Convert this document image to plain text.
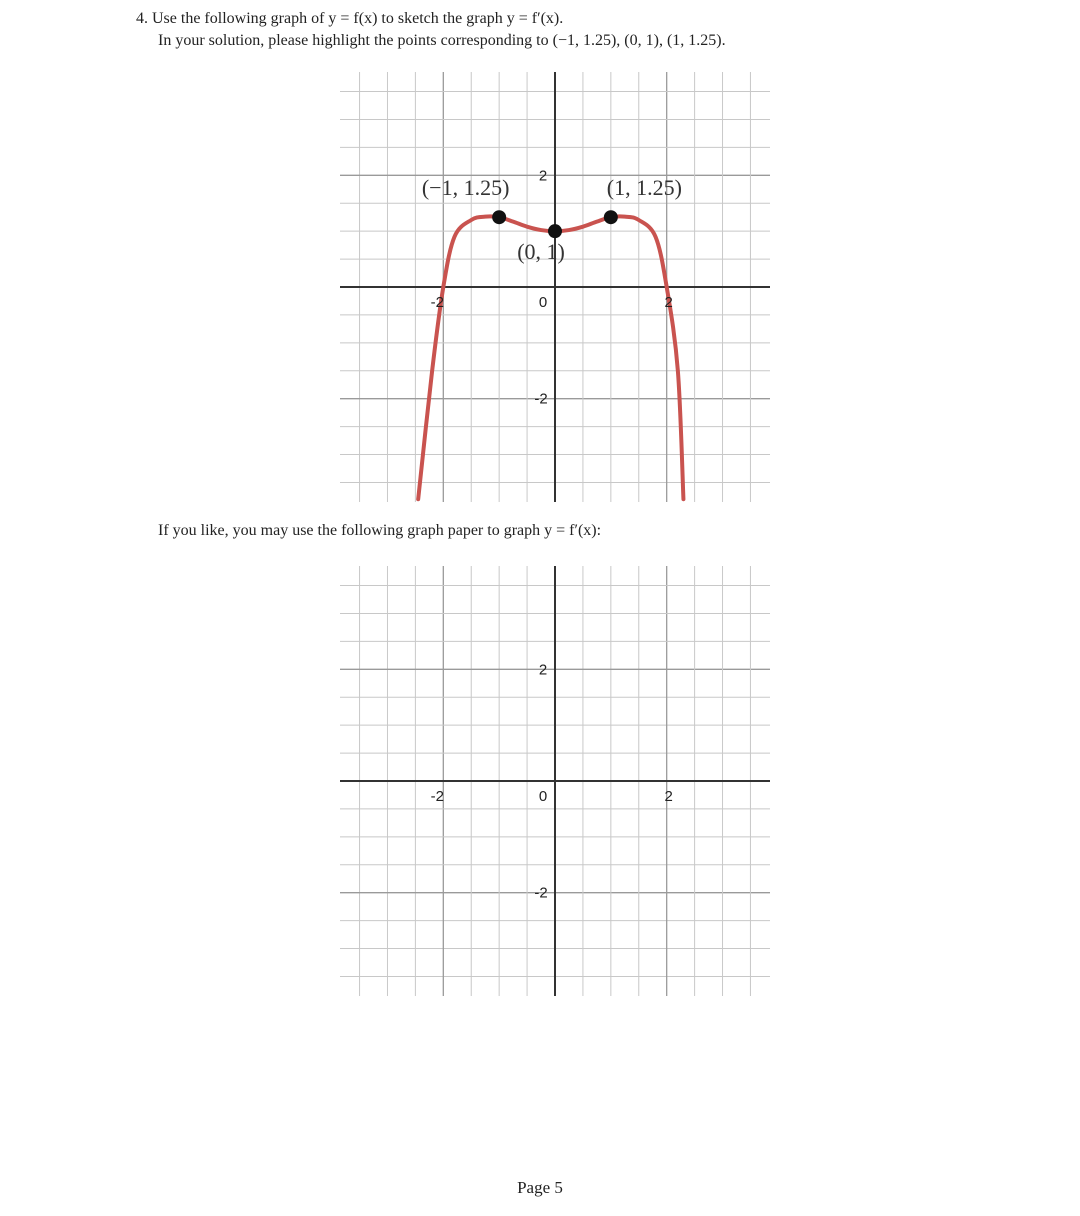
4. Use the following graph of y = f(x) to sketch the graph y = f′(x).
In your solution, please highlight the points corresponding to (−1, 1.25), (0, 1), (1, 1.25).
2
-2
-2	2
0
(−1, 1.25)
(0, 1)
(1, 1.25)
If you like, you may use the following graph paper to graph y = f′(x):
2
-2
-2	2
0
Page 5
